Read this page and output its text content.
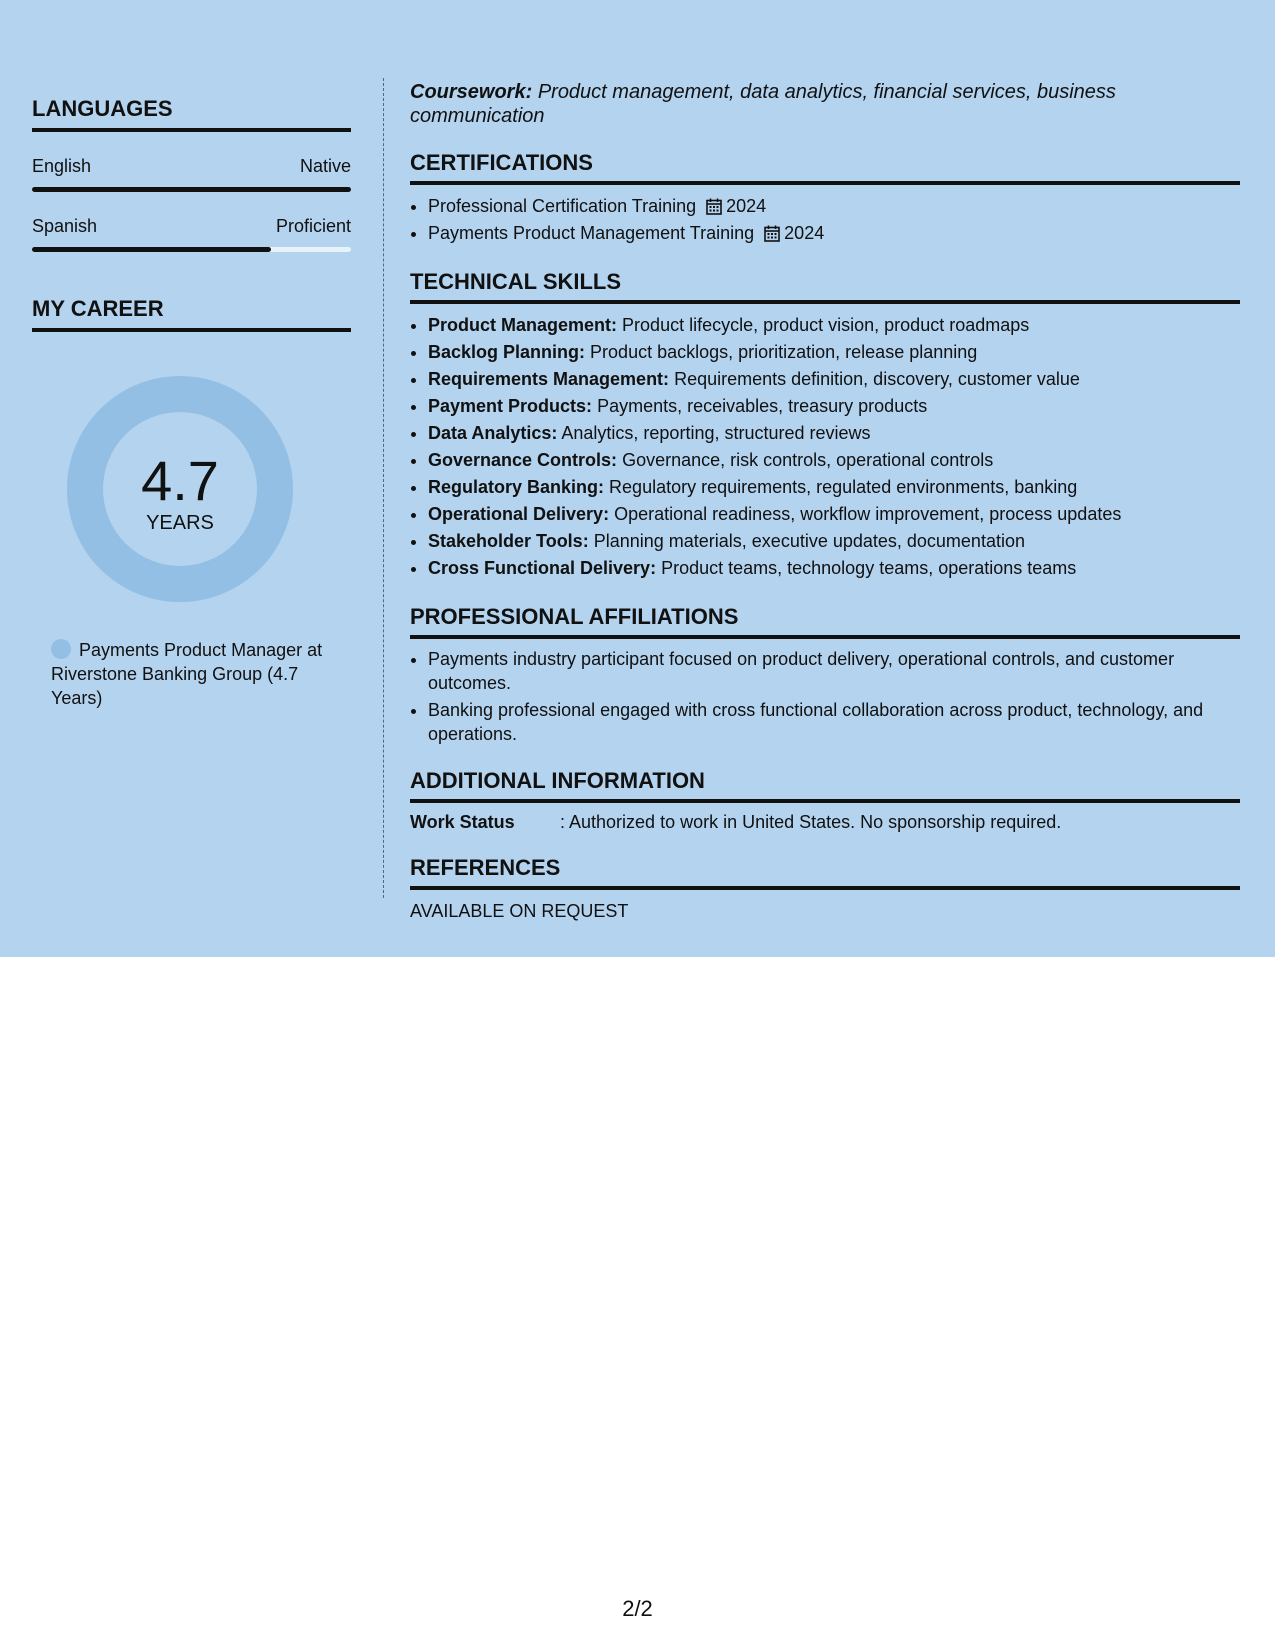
LANGUAGES
English	Native
Spanish	Proficient
MY CAREER
4.7
YEARS
Payments Product Manager at Riverstone Banking Group (4.7 Years)
Coursework: Product management, data analytics, financial services, business communication
CERTIFICATIONS
• Professional Certification Training 2024
• Payments Product Management Training 2024
TECHNICAL SKILLS
• Product Management: Product lifecycle, product vision, product roadmaps
• Backlog Planning: Product backlogs, prioritization, release planning
• Requirements Management: Requirements definition, discovery, customer value
• Payment Products: Payments, receivables, treasury products
• Data Analytics: Analytics, reporting, structured reviews
• Governance Controls: Governance, risk controls, operational controls
• Regulatory Banking: Regulatory requirements, regulated environments, banking
• Operational Delivery: Operational readiness, workflow improvement, process updates
• Stakeholder Tools: Planning materials, executive updates, documentation
• Cross Functional Delivery: Product teams, technology teams, operations teams
PROFESSIONAL AFFILIATIONS
• Payments industry participant focused on product delivery, operational controls, and customer outcomes.
• Banking professional engaged with cross functional collaboration across product, technology, and operations.
ADDITIONAL INFORMATION
Work Status	: Authorized to work in United States. No sponsorship required.
REFERENCES
AVAILABLE ON REQUEST
2/2
